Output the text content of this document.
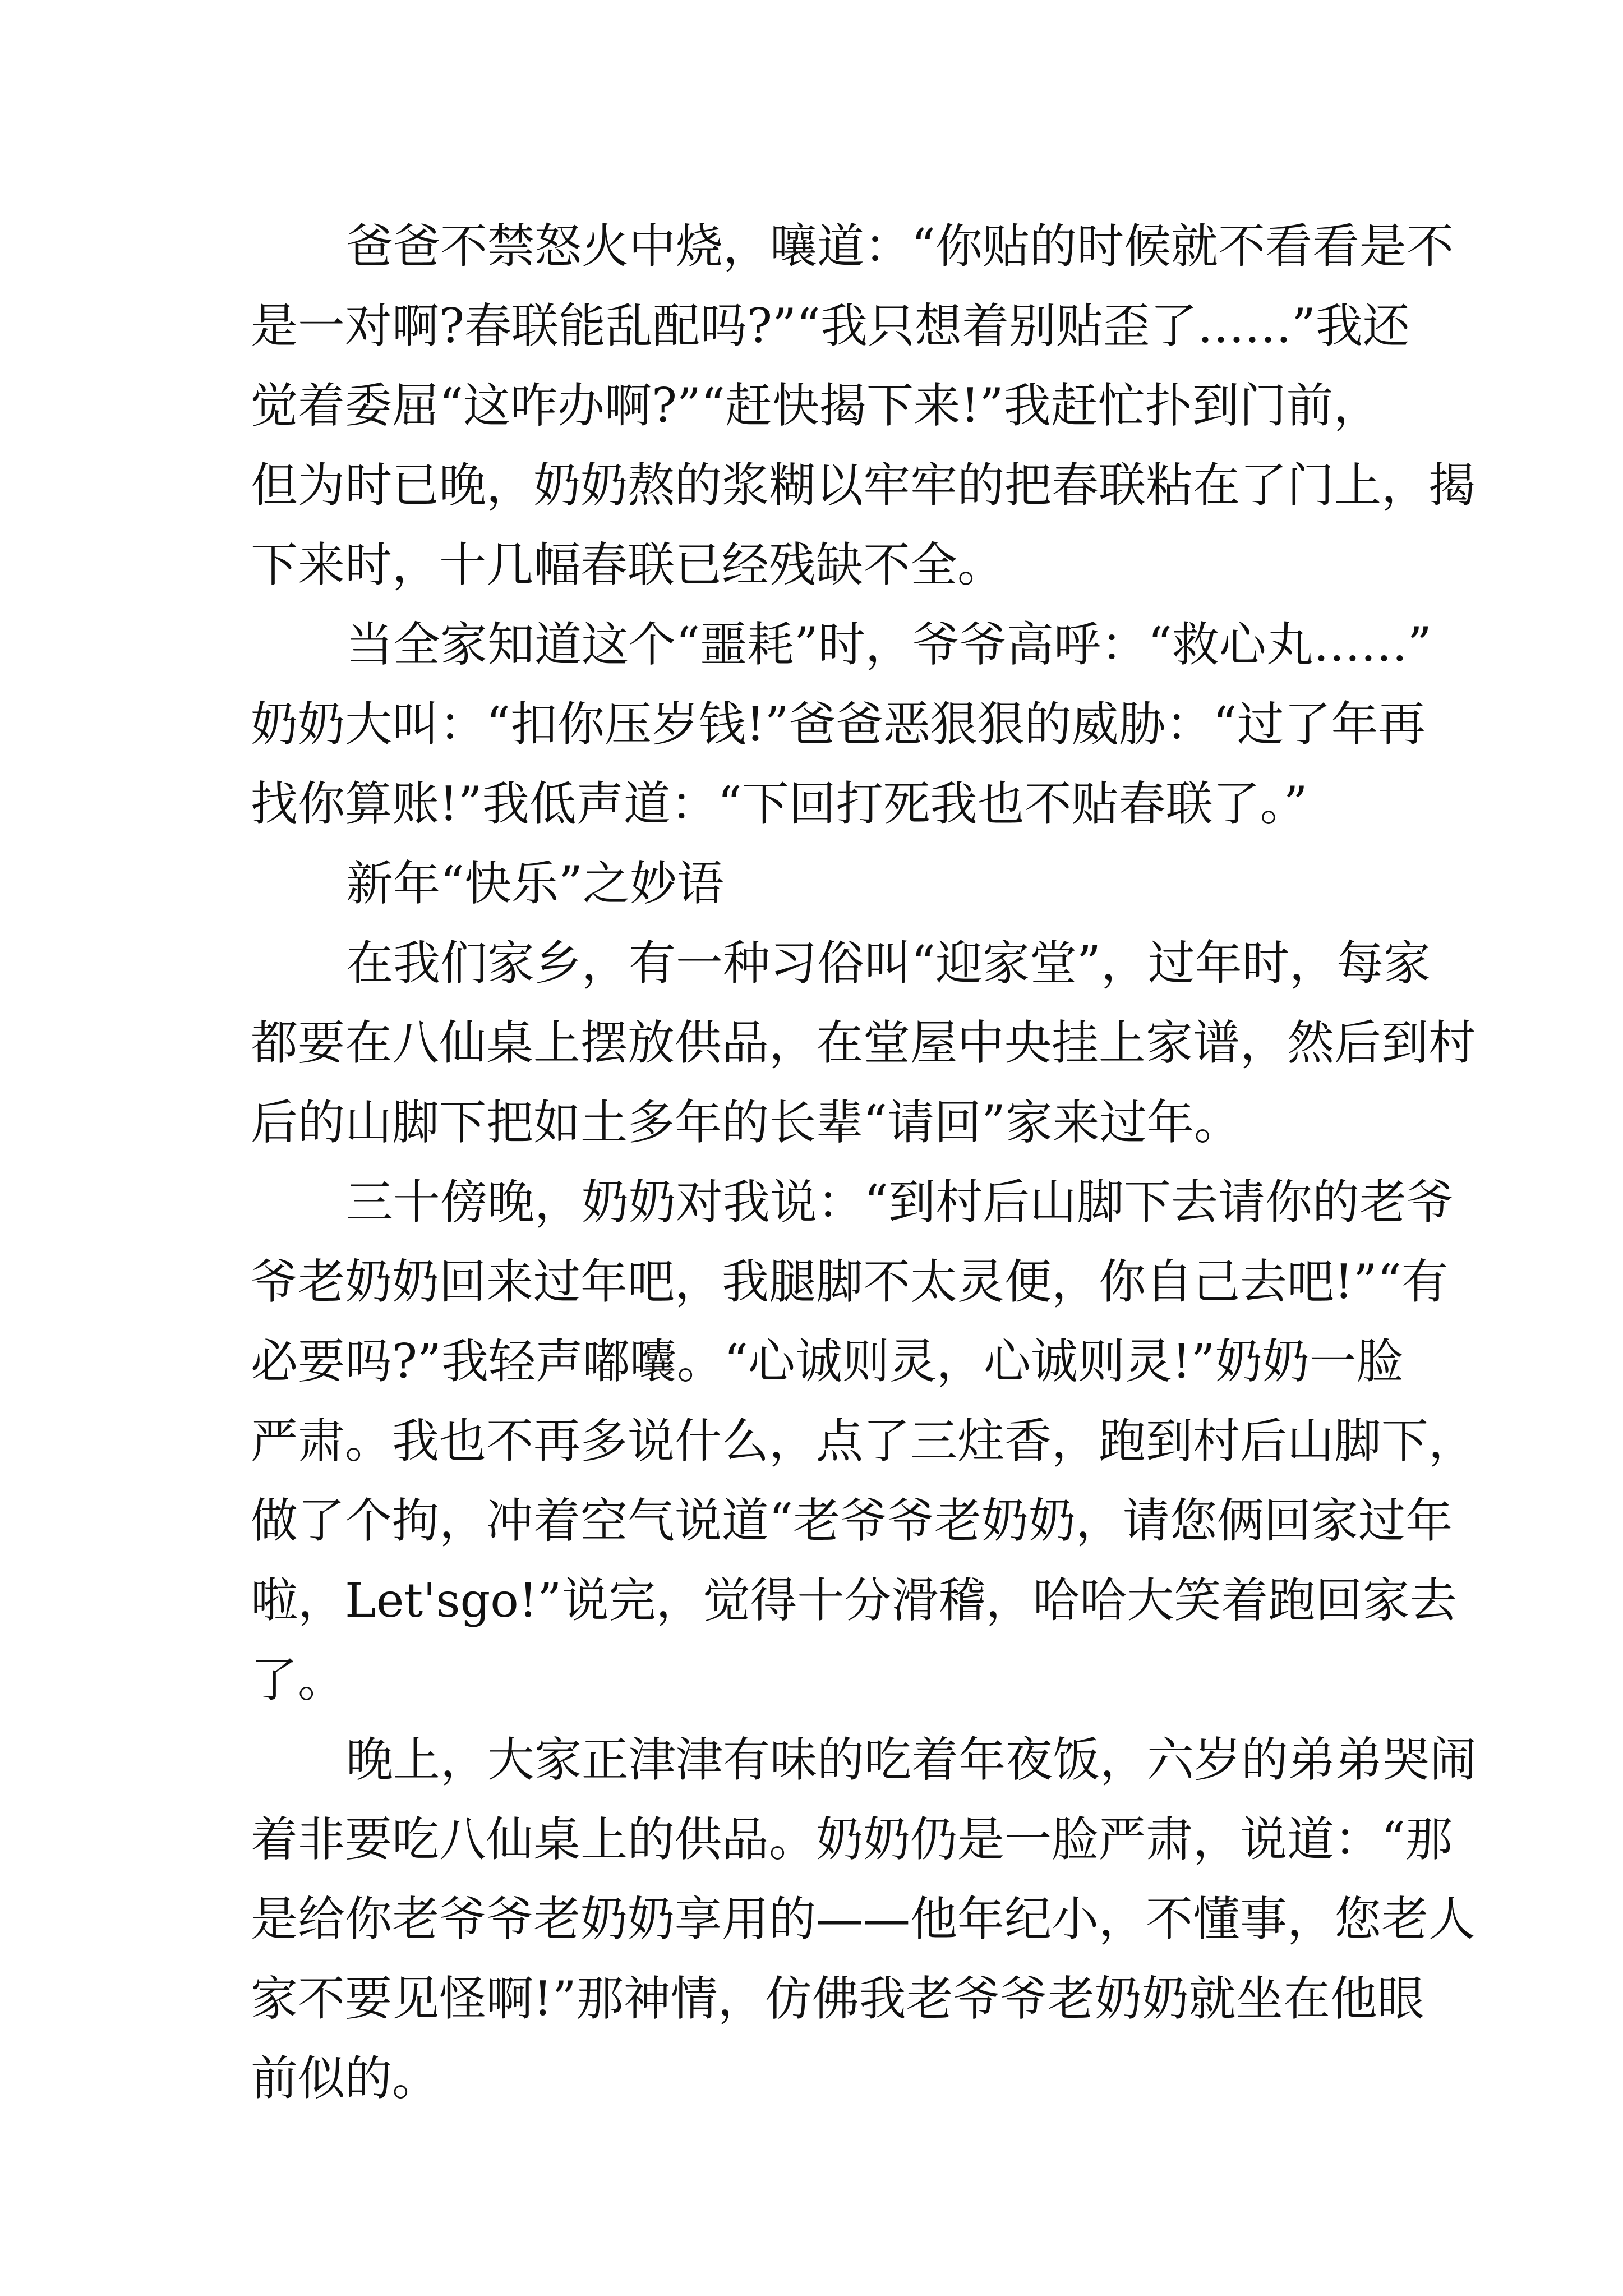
爸爸不禁怒火中烧，嚷道：“你贴的时候就不看看是不
是一对啊?春联能乱配吗?”“我只想着别贴歪了……”我还
觉着委屈“这咋办啊?”“赶快揭下来!”我赶忙扑到门前，
但为时已晚，奶奶熬的浆糊以牢牢的把春联粘在了门上，揭
下来时，十几幅春联已经残缺不全。
当全家知道这个“噩耗”时，爷爷高呼：“救心丸……”
奶奶大叫：“扣你压岁钱!”爸爸恶狠狠的威胁：“过了年再
找你算账!”我低声道：“下回打死我也不贴春联了。”
新年“快乐”之妙语
在我们家乡，有一种习俗叫“迎家堂”，过年时，每家
都要在八仙桌上摆放供品，在堂屋中央挂上家谱，然后到村
后的山脚下把如土多年的长辈“请回”家来过年。
三十傍晚，奶奶对我说：“到村后山脚下去请你的老爷
爷老奶奶回来过年吧，我腿脚不太灵便，你自己去吧!”“有
必要吗?”我轻声嘟囔。“心诚则灵，心诚则灵!”奶奶一脸
严肃。我也不再多说什么，点了三炷香，跑到村后山脚下，
做了个拘，冲着空气说道“老爷爷老奶奶，请您俩回家过年
啦，Let'sgo!”说完，觉得十分滑稽，哈哈大笑着跑回家去
了。
晚上，大家正津津有味的吃着年夜饭，六岁的弟弟哭闹
着非要吃八仙桌上的供品。奶奶仍是一脸严肃，说道：“那
是给你老爷爷老奶奶享用的——他年纪小，不懂事，您老人
家不要见怪啊!”那神情，仿佛我老爷爷老奶奶就坐在他眼
前似的。
